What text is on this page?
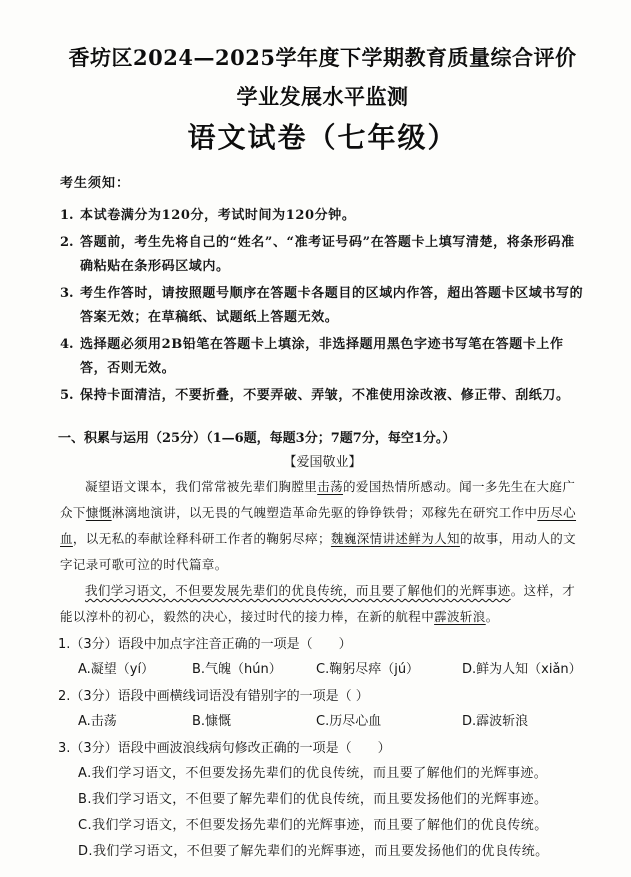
香坊区2024—2025学年度下学期教育质量综合评价
学业发展水平监测
语文试卷（七年级）
考生须知：
1. 本试卷满分为120分，考试时间为120分钟。
2. 答题前，考生先将自己的“姓名”、“准考证号码”在答题卡上填写清楚，将条形码准确粘贴在条形码区域内。
3. 考生作答时，请按照题号顺序在答题卡各题目的区域内作答，超出答题卡区域书写的答案无效；在草稿纸、试题纸上答题无效。
4. 选择题必须用2B铅笔在答题卡上填涂，非选择题用黑色字迹书写笔在答题卡上作答，否则无效。
5. 保持卡面清洁，不要折叠，不要弄破、弄皱，不准使用涂改液、修正带、刮纸刀。
一、积累与运用（25分）（1—6题，每题3分；7题7分，每空1分。）
【爱国敬业】

凝望语文课本，我们常常被先辈们胸膛里击荡的爱国热情所感动。闻一多先生在大庭广众下慷慨淋漓地演讲，以无畏的气魄塑造革命先驱的铮铮铁骨；邓稼先在研究工作中历尽心血，以无私的奉献诠释科研工作者的鞠躬尽瘁；魏巍深情讲述鲜为人知的故事，用动人的文字记录可歌可泣的时代篇章。

我们学习语文，不但要发展先辈们的优良传统，而且要了解他们的光辉事迹。这样，才能以淳朴的初心，毅然的决心，接过时代的接力棒，在新的航程中霹波斩浪。

1.（3分）语段中加点字注音正确的一项是（　　）
A.凝望（yí）	B.气魄（hún）	C.鞠躬尽瘁（jú）	D.鲜为人知（xiǎn）
2.（3分）语段中画横线词语没有错别字的一项是（ ）
A.击荡	B.慷慨	C.历尽心血	D.霹波斩浪
3.（3分）语段中画波浪线病句修改正确的一项是（　　）
A.我们学习语文，不但要发扬先辈们的优良传统，而且要了解他们的光辉事迹。
B.我们学习语文，不但要了解先辈们的优良传统，而且要发扬他们的光辉事迹。
C.我们学习语文，不但要发扬先辈们的光辉事迹，而且要了解他们的优良传统。
D.我们学习语文，不但要了解先辈们的光辉事迹，而且要发扬他们的优良传统。
